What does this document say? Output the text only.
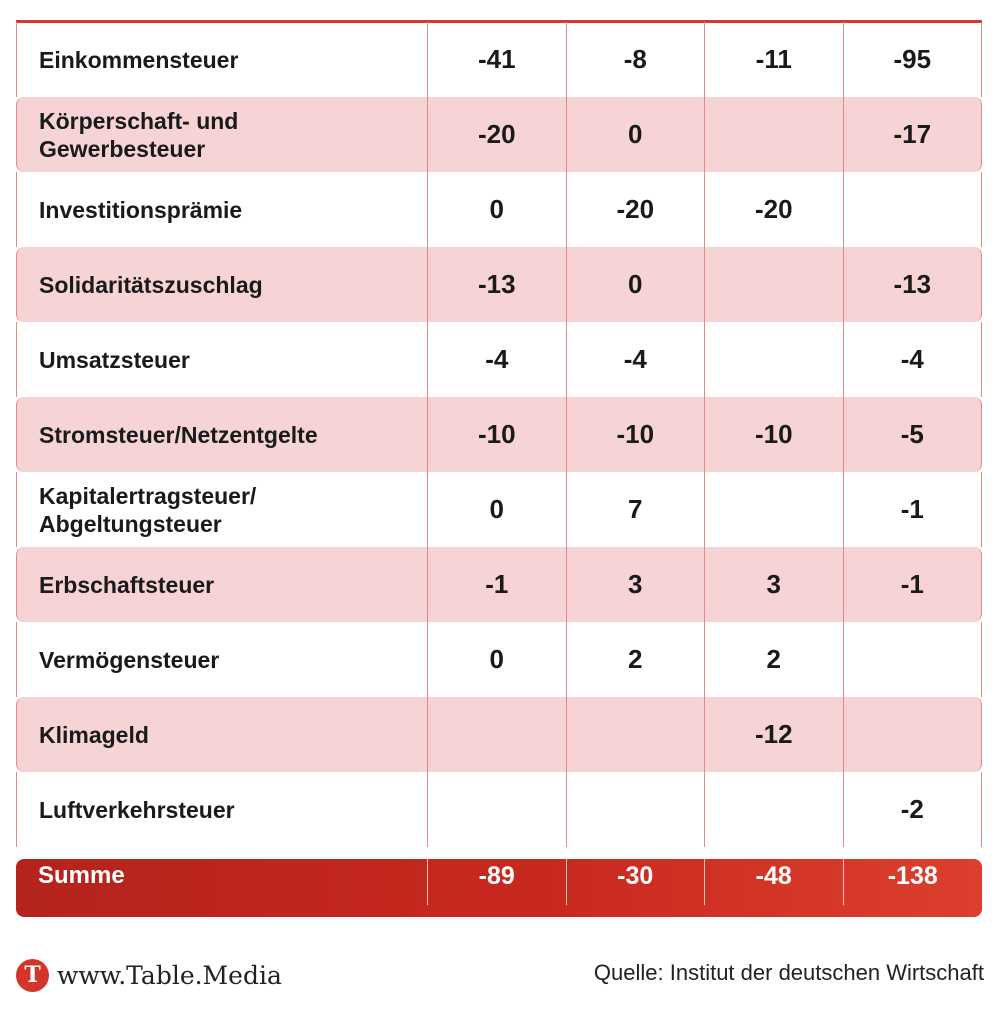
Einkommensteuer	-41	-8	-11	-95
Körperschaft- und
Gewerbesteuer	-20	0		-17
Investitionsprämie	0	-20	-20	
Solidaritätszuschlag	-13	0		-13
Umsatzsteuer	-4	-4		-4
Stromsteuer/Netzentgelte	-10	-10	-10	-5
Kapitalertragsteuer/
Abgeltungsteuer	0	7		-1
Erbschaftsteuer	-1	3	3	-1
Vermögensteuer	0	2	2	
Klimageld			-12	
Luftverkehrsteuer				-2
Summe	-89	-30	-48	-138
T www.Table.Media	Quelle: Institut der deutschen Wirtschaft
